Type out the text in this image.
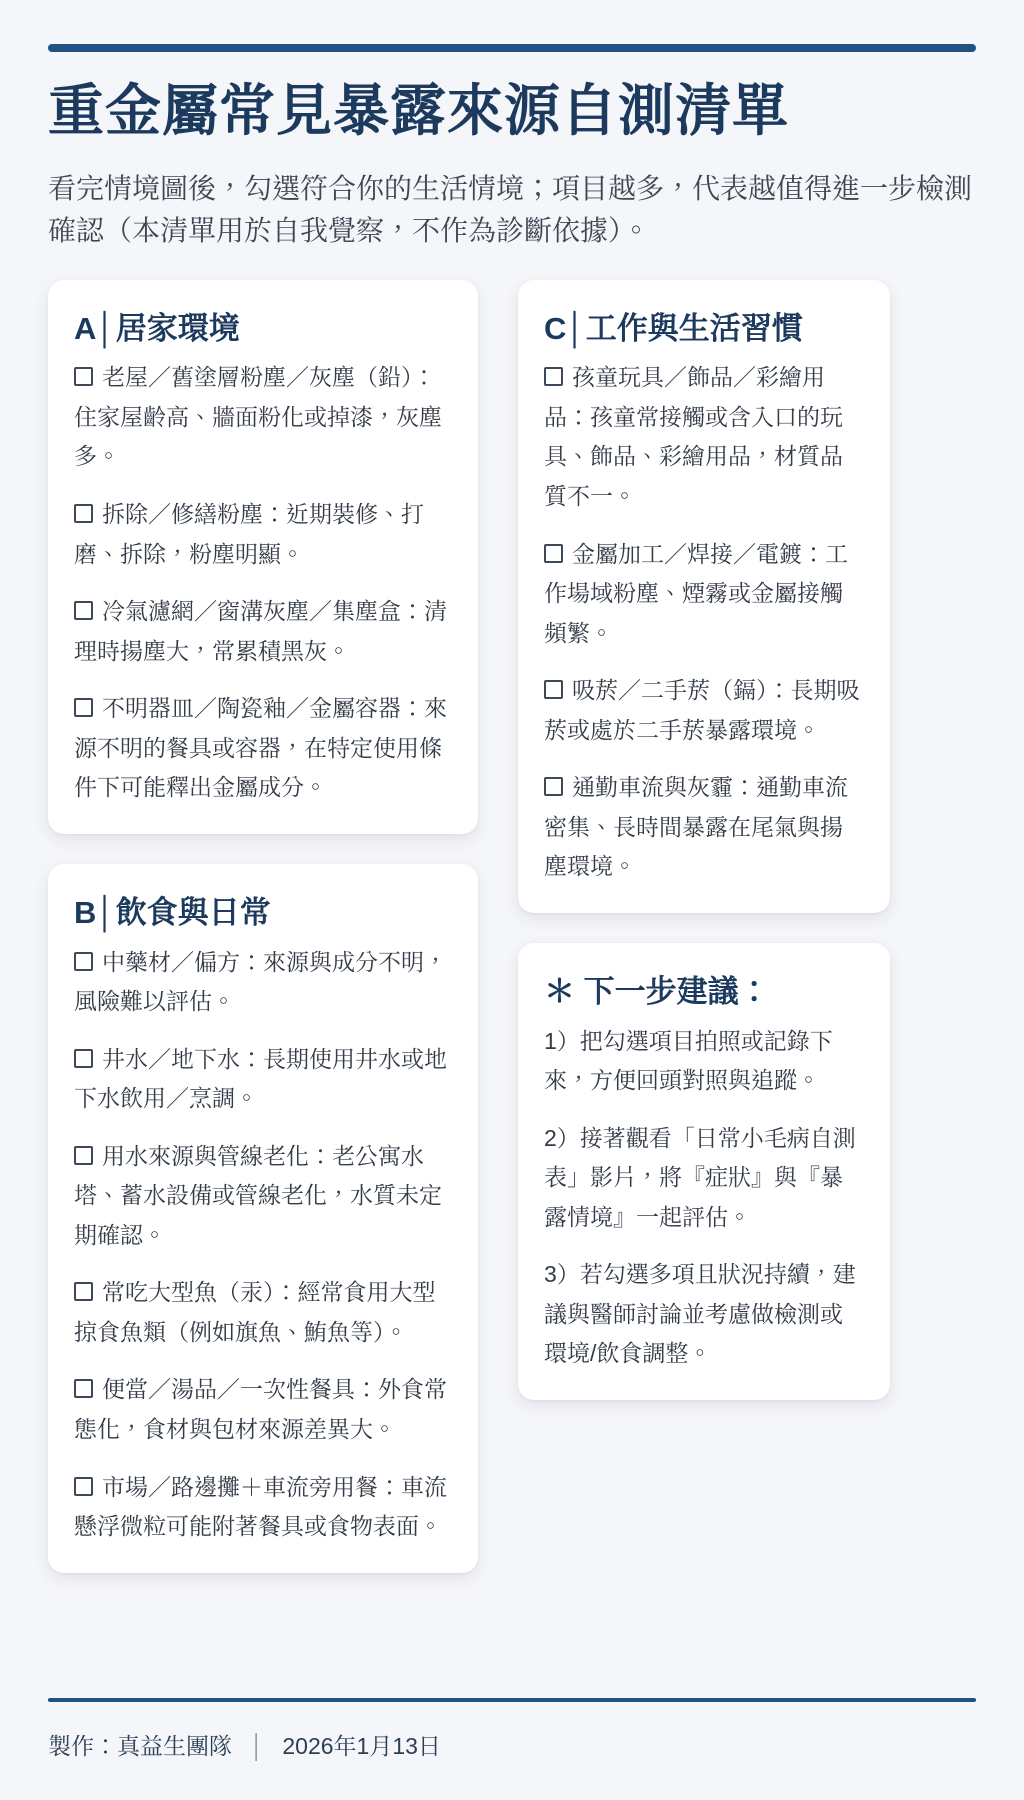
重金屬常見暴露來源自測清單

看完情境圖後，勾選符合你的生活情境；項目越多，代表越值得進一步檢測確認（本清單用於自我覺察，不作為診斷依據）。

A│居家環境

老屋／舊塗層粉塵／灰塵（鉛）：住家屋齡高、牆面粉化或掉漆，灰塵多。

拆除／修繕粉塵：近期裝修、打磨、拆除，粉塵明顯。

冷氣濾網／窗溝灰塵／集塵盒：清理時揚塵大，常累積黑灰。

不明器皿／陶瓷釉／金屬容器：來源不明的餐具或容器，在特定使用條件下可能釋出金屬成分。

B│飲食與日常

中藥材／偏方：來源與成分不明，風險難以評估。

井水／地下水：長期使用井水或地下水飲用／烹調。

用水來源與管線老化：老公寓水塔、蓄水設備或管線老化，水質未定期確認。

常吃大型魚（汞）：經常食用大型掠食魚類（例如旗魚、鮪魚等）。

便當／湯品／一次性餐具：外食常態化，食材與包材來源差異大。

市場／路邊攤＋車流旁用餐：車流懸浮微粒可能附著餐具或食物表面。

C│工作與生活習慣

孩童玩具／飾品／彩繪用品：孩童常接觸或含入口的玩具、飾品、彩繪用品，材質品質不一。

金屬加工／焊接／電鍍：工作場域粉塵、煙霧或金屬接觸頻繁。

吸菸／二手菸（鎘）：長期吸菸或處於二手菸暴露環境。

通勤車流與灰霾：通勤車流密集、長時間暴露在尾氣與揚塵環境。

＊ 下一步建議：

1）把勾選項目拍照或記錄下來，方便回頭對照與追蹤。

2）接著觀看「日常小毛病自測表」影片，將『症狀』與『暴露情境』一起評估。

3）若勾選多項且狀況持續，建議與醫師討論並考慮做檢測或環境/飲食調整。

製作：真益生團隊 │ 2026年1月13日
